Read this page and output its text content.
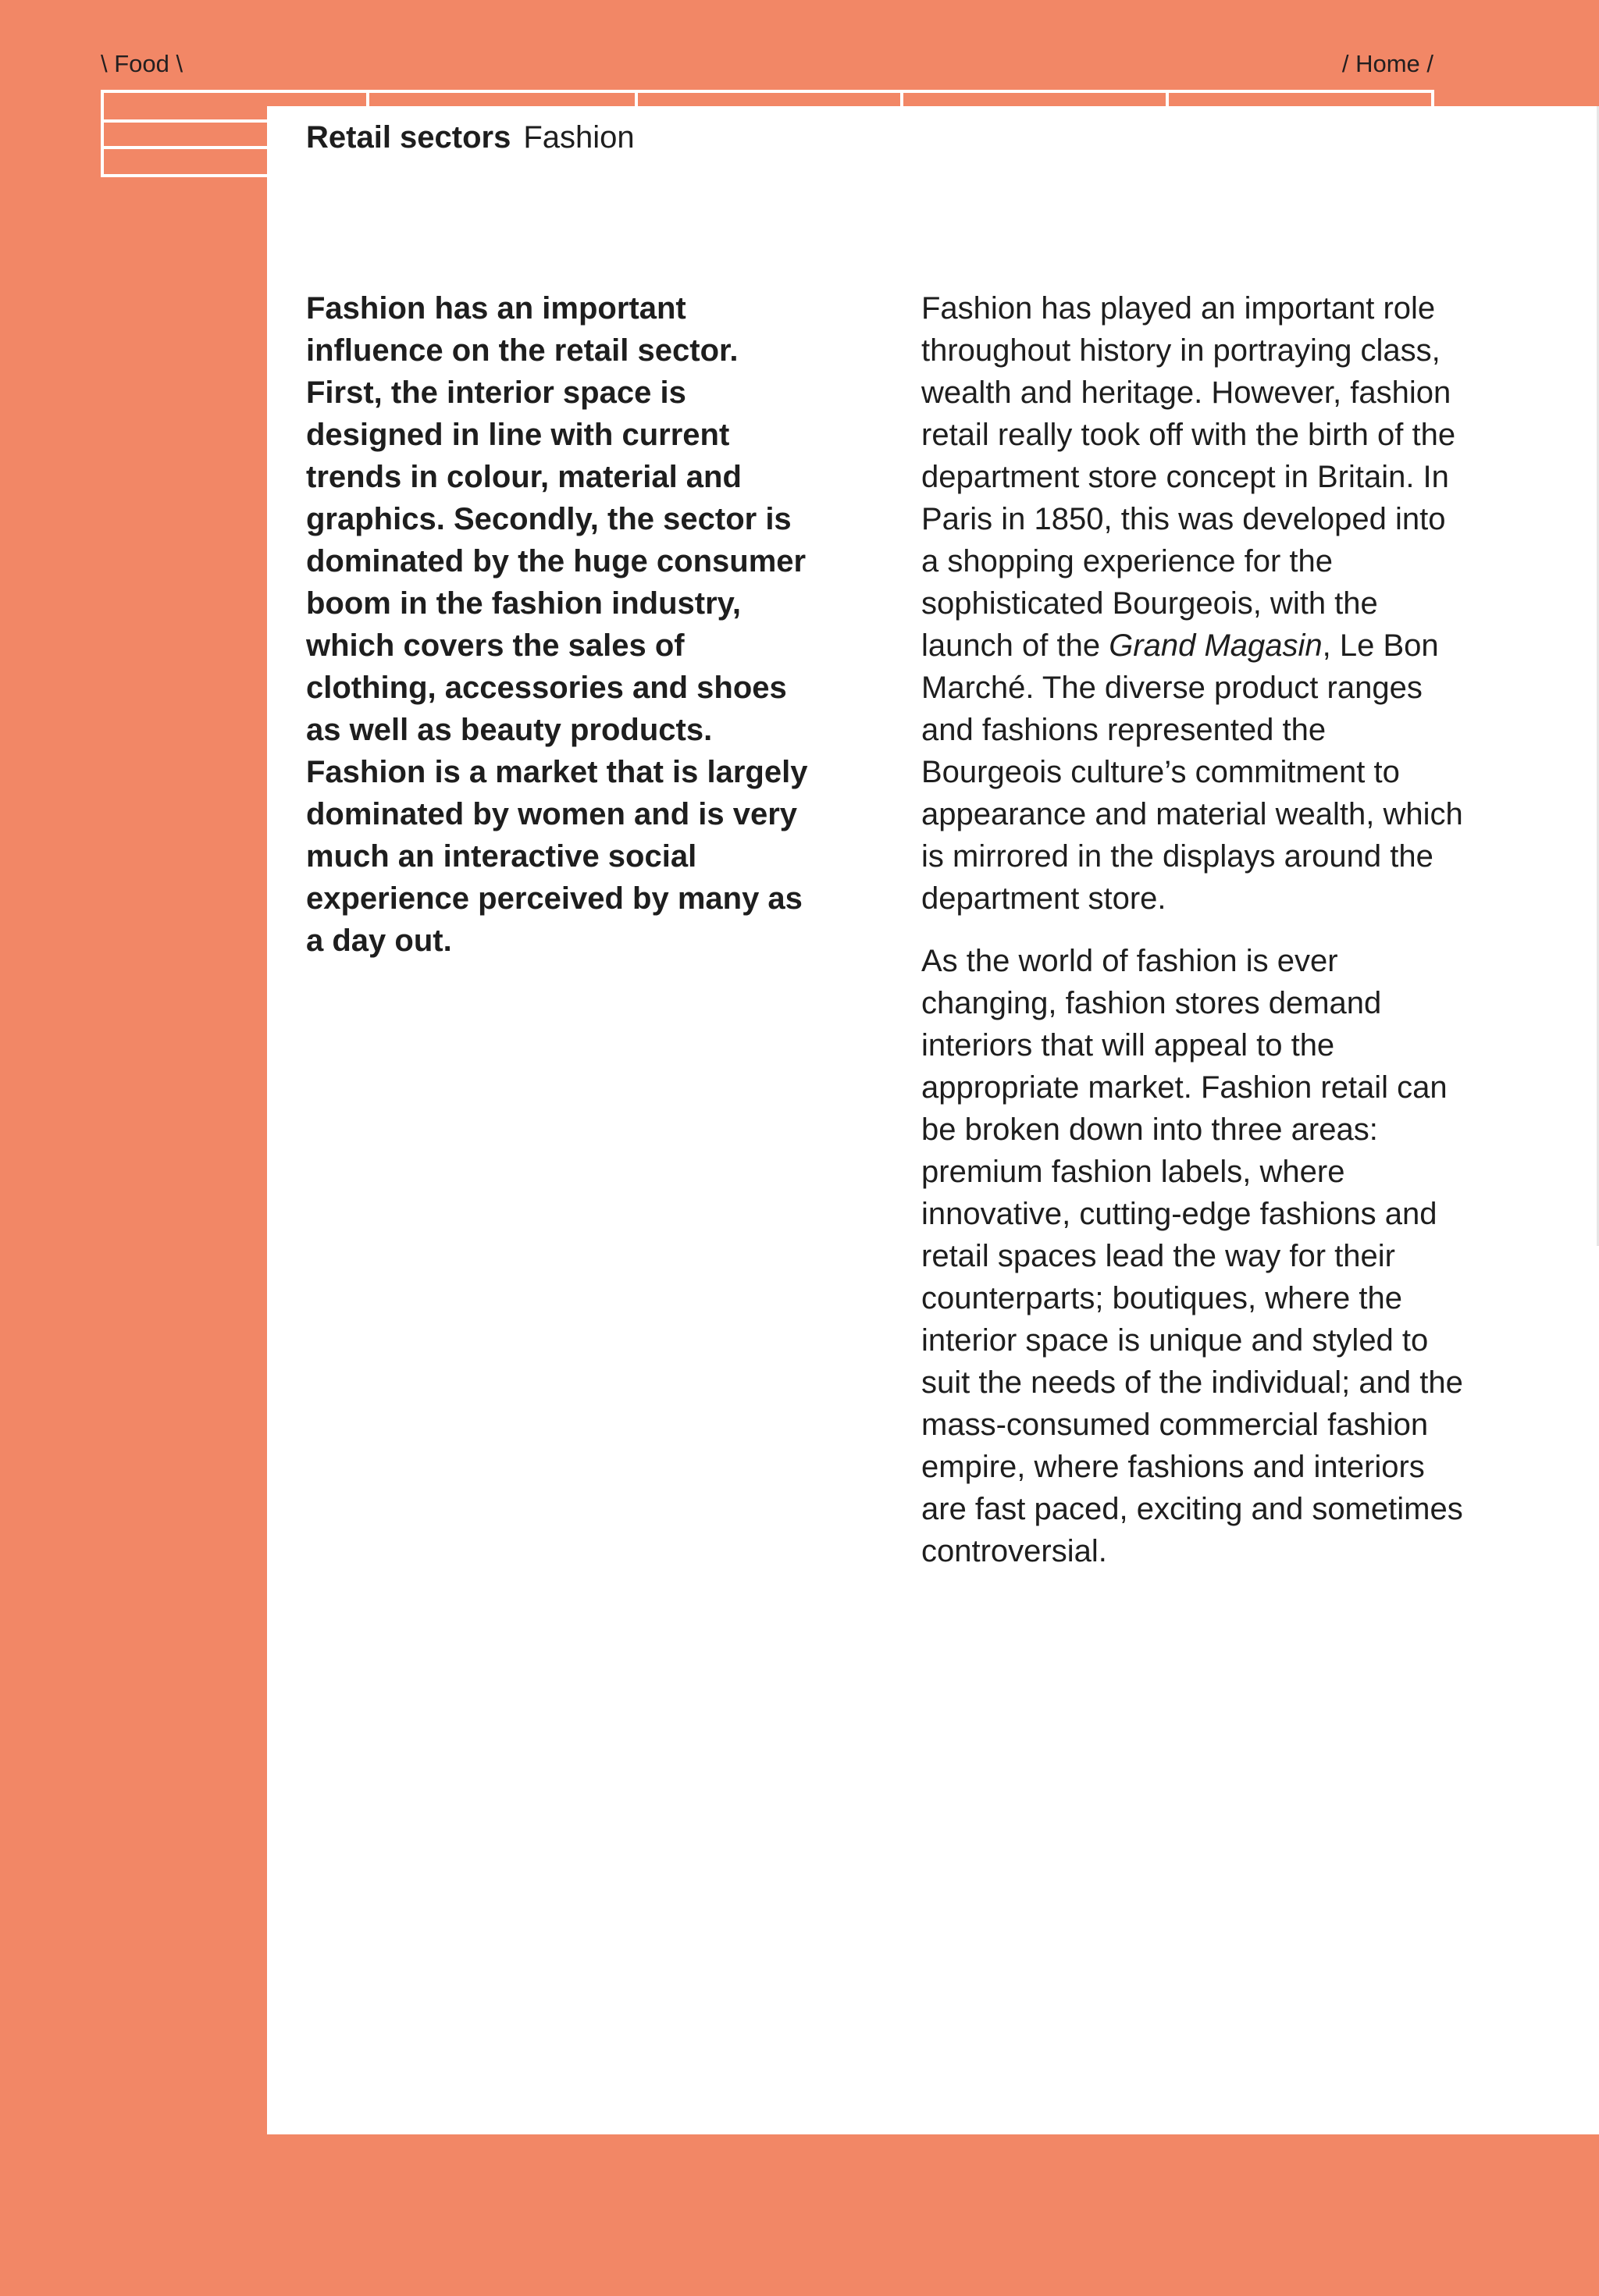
\ Food \	/ Home /
Retail sectors Fashion

Fashion has an important influence on the retail sector. First, the interior space is designed in line with current trends in colour, material and graphics. Secondly, the sector is dominated by the huge consumer boom in the fashion industry, which covers the sales of clothing, accessories and shoes as well as beauty products. Fashion is a market that is largely dominated by women and is very much an interactive social experience perceived by many as a day out.

Fashion has played an important role throughout history in portraying class, wealth and heritage. However, fashion retail really took off with the birth of the department store concept in Britain. In Paris in 1850, this was developed into a shopping experience for the sophisticated Bourgeois, with the launch of the Grand Magasin, Le Bon Marché. The diverse product ranges and fashions represented the Bourgeois culture’s commitment to appearance and material wealth, which is mirrored in the displays around the department store.

As the world of fashion is ever changing, fashion stores demand interiors that will appeal to the appropriate market. Fashion retail can be broken down into three areas: premium fashion labels, where innovative, cutting-edge fashions and retail spaces lead the way for their counterparts; boutiques, where the interior space is unique and styled to suit the needs of the individual; and the mass-consumed commercial fashion empire, where fashions and interiors are fast paced, exciting and sometimes controversial.
